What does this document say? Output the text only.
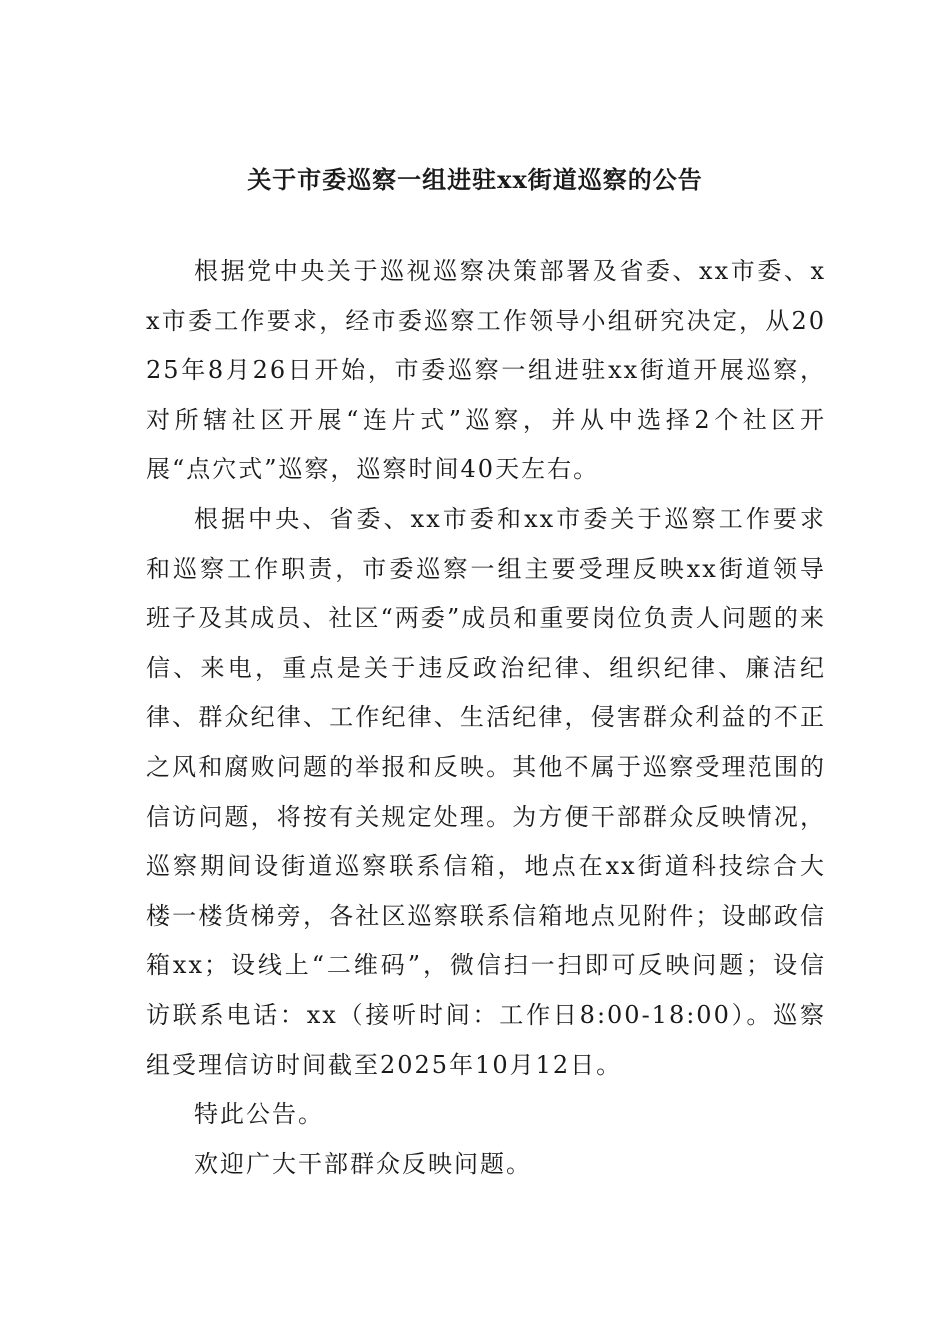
关于市委巡察一组进驻xx街道巡察的公告

根据党中央关于巡视巡察决策部署及省委、xx市委、xx市委工作要求，经市委巡察工作领导小组研究决定，从2025年8月26日开始，市委巡察一组进驻xx街道开展巡察，对所辖社区开展“连片式”巡察，并从中选择2个社区开展“点穴式”巡察，巡察时间40天左右。

根据中央、省委、xx市委和xx市委关于巡察工作要求和巡察工作职责，市委巡察一组主要受理反映xx街道领导班子及其成员、社区“两委”成员和重要岗位负责人问题的来信、来电，重点是关于违反政治纪律、组织纪律、廉洁纪律、群众纪律、工作纪律、生活纪律，侵害群众利益的不正之风和腐败问题的举报和反映。其他不属于巡察受理范围的信访问题，将按有关规定处理。为方便干部群众反映情况，巡察期间设街道巡察联系信箱，地点在xx街道科技综合大楼一楼货梯旁，各社区巡察联系信箱地点见附件；设邮政信箱xx；设线上“二维码”，微信扫一扫即可反映问题；设信访联系电话：xx（接听时间：工作日8:00-18:00）。巡察组受理信访时间截至2025年10月12日。

特此公告。

欢迎广大干部群众反映问题。
